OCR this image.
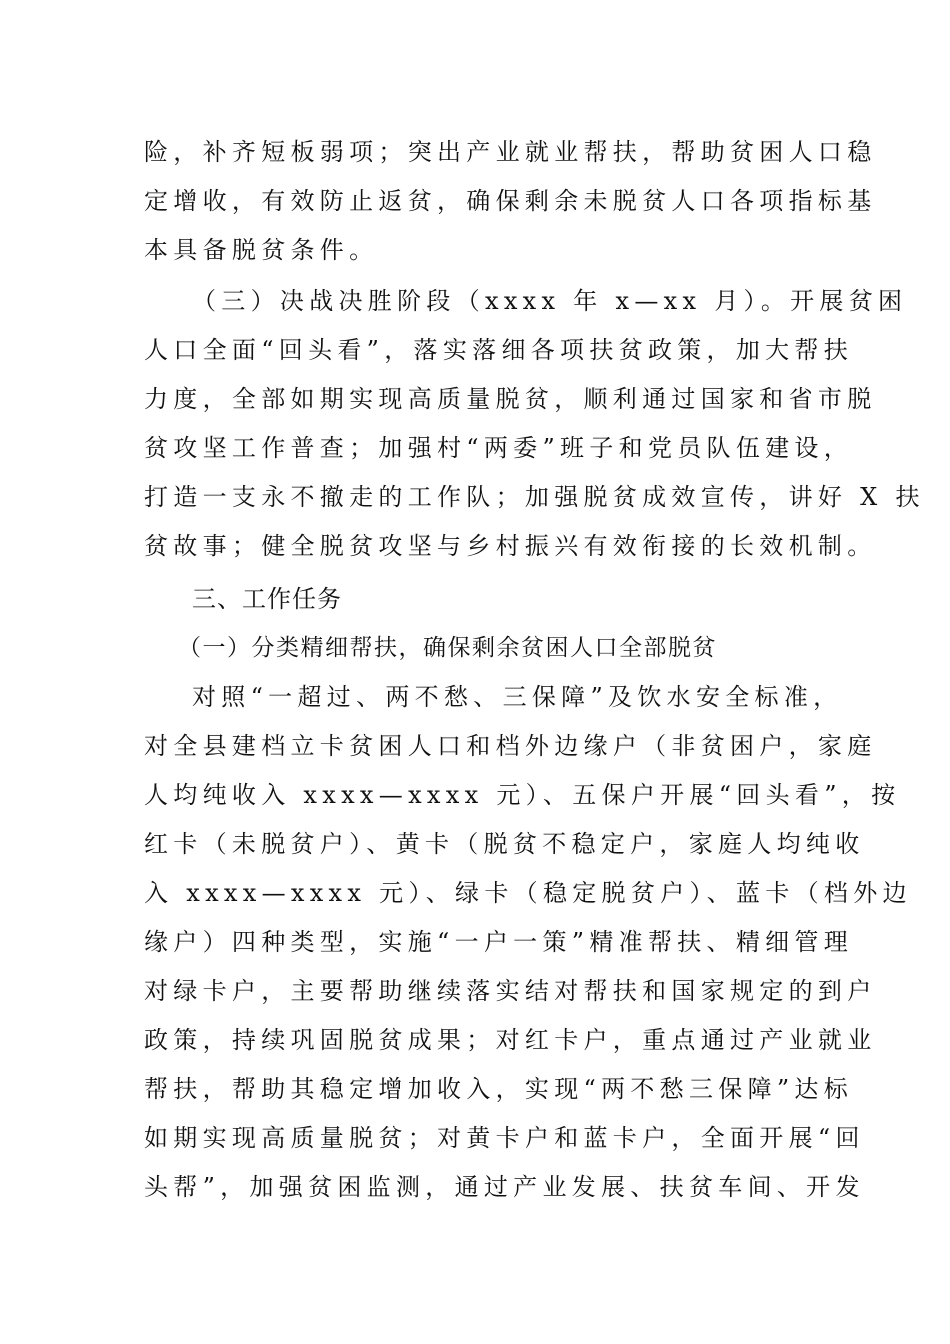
险，补齐短板弱项；突出产业就业帮扶，帮助贫困人口稳
定增收，有效防止返贫，确保剩余未脱贫人口各项指标基
本具备脱贫条件。
（三）决战决胜阶段（xxxx 年 x—xx 月）。开展贫困
人口全面“回头看”，落实落细各项扶贫政策，加大帮扶
力度，全部如期实现高质量脱贫，顺利通过国家和省市脱
贫攻坚工作普查；加强村“两委”班子和党员队伍建设，
打造一支永不撤走的工作队；加强脱贫成效宣传，讲好 X 扶
贫故事；健全脱贫攻坚与乡村振兴有效衔接的长效机制。
三、工作任务
（一）分类精细帮扶，确保剩余贫困人口全部脱贫
对照“一超过、两不愁、三保障”及饮水安全标准，
对全县建档立卡贫困人口和档外边缘户（非贫困户，家庭
人均纯收入 xxxx—xxxx 元）、五保户开展“回头看”，按
红卡（未脱贫户）、黄卡（脱贫不稳定户，家庭人均纯收
入 xxxx—xxxx 元）、绿卡（稳定脱贫户）、蓝卡（档外边
缘户）四种类型，实施“一户一策”精准帮扶、精细管理
对绿卡户，主要帮助继续落实结对帮扶和国家规定的到户
政策，持续巩固脱贫成果；对红卡户，重点通过产业就业
帮扶，帮助其稳定增加收入，实现“两不愁三保障”达标
如期实现高质量脱贫；对黄卡户和蓝卡户，全面开展“回
头帮”，加强贫困监测，通过产业发展、扶贫车间、开发
